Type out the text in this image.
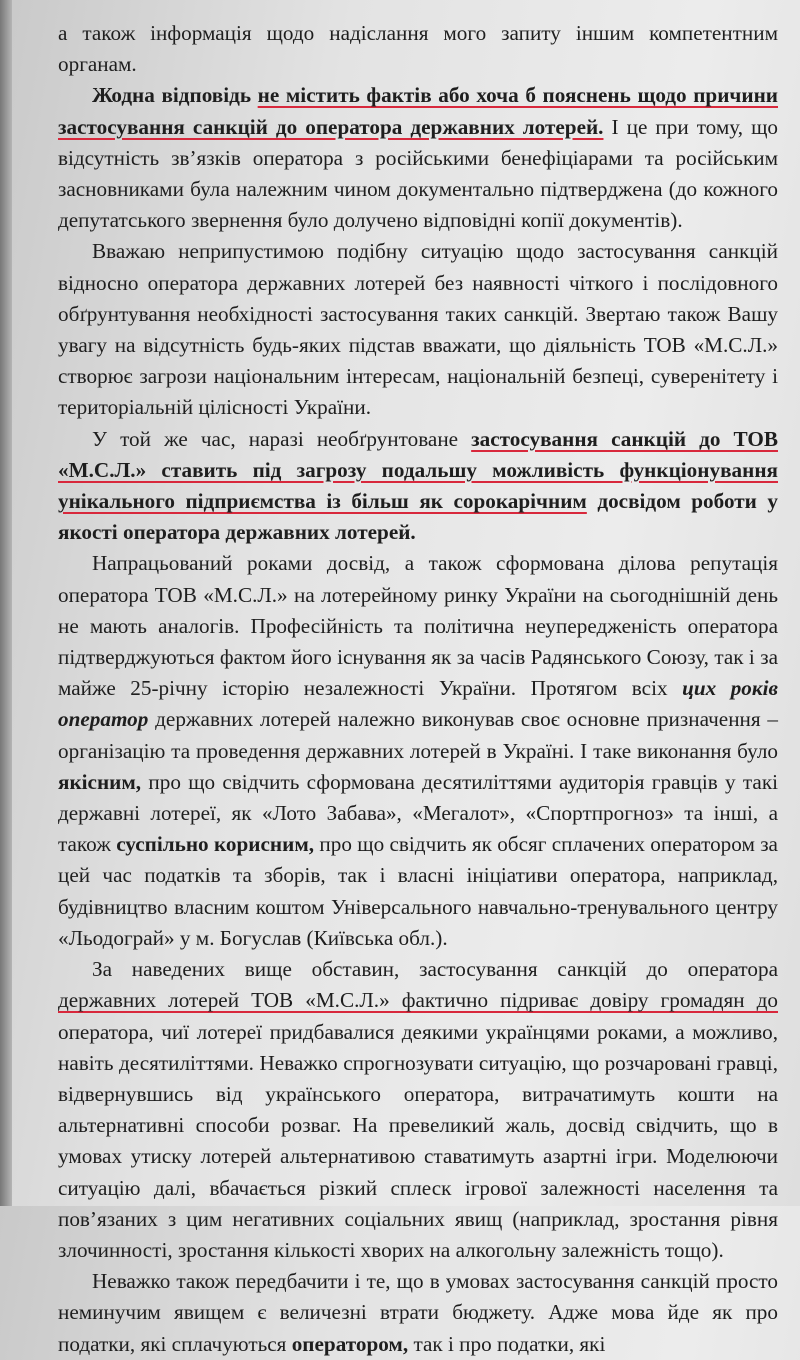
а також інформація щодо надіслання мого запиту іншим компетентним органам.

Жодна відповідь не містить фактів або хоча б пояснень щодо причини застосування санкцій до оператора державних лотерей. І це при тому, що відсутність зв’язків оператора з російськими бенефіціарами та російським засновниками була належним чином документально підтверджена (до кожного депутатського звернення було долучено відповідні копії документів).

Вважаю неприпустимою подібну ситуацію щодо застосування санкцій відносно оператора державних лотерей без наявності чіткого і послідовного обґрунтування необхідності застосування таких санкцій. Звертаю також Вашу увагу на відсутність будь-яких підстав вважати, що діяльність ТОВ «М.С.Л.» створює загрози національним інтересам, національній безпеці, суверенітету і територіальній цілісності України.

У той же час, наразі необґрунтоване застосування санкцій до ТОВ «М.С.Л.» ставить під загрозу подальшу можливість функціонування унікального підприємства із більш як сорокарічним досвідом роботи у якості оператора державних лотерей.

Напрацьований роками досвід, а також сформована ділова репутація оператора ТОВ «М.С.Л.» на лотерейному ринку України на сьогоднішній день не мають аналогів. Професійність та політична неупередженість оператора підтверджуються фактом його існування як за часів Радянського Союзу, так і за майже 25-річну історію незалежності України. Протягом всіх цих років оператор державних лотерей належно виконував своє основне призначення – організацію та проведення державних лотерей в Україні. І таке виконання було якісним, про що свідчить сформована десятиліттями аудиторія гравців у такі державні лотереї, як «Лото Забава», «Мегалот», «Спортпрогноз» та інші, а також суспільно корисним, про що свідчить як обсяг сплачених оператором за цей час податків та зборів, так і власні ініціативи оператора, наприклад, будівництво власним коштом Універсального навчально-тренувального центру «Льодограй» у м. Богуслав (Київська обл.).

За наведених вище обставин, застосування санкцій до оператора державних лотерей ТОВ «М.С.Л.» фактично підриває довіру громадян до оператора, чиї лотереї придбавалися деякими українцями роками, а можливо, навіть десятиліттями. Неважко спрогнозувати ситуацію, що розчаровані гравці, відвернувшись від українського оператора, витрачатимуть кошти на альтернативні способи розваг. На превеликий жаль, досвід свідчить, що в умовах утиску лотерей альтернативою ставатимуть азартні ігри. Моделюючи ситуацію далі, вбачається різкий сплеск ігрової залежності населення та пов’язаних з цим негативних соціальних явищ (наприклад, зростання рівня злочинності, зростання кількості хворих на алкогольну залежність тощо).

Неважко також передбачити і те, що в умовах застосування санкцій просто неминучим явищем є величезні втрати бюджету. Адже мова йде як про податки, які сплачуються оператором, так і про податки, які
